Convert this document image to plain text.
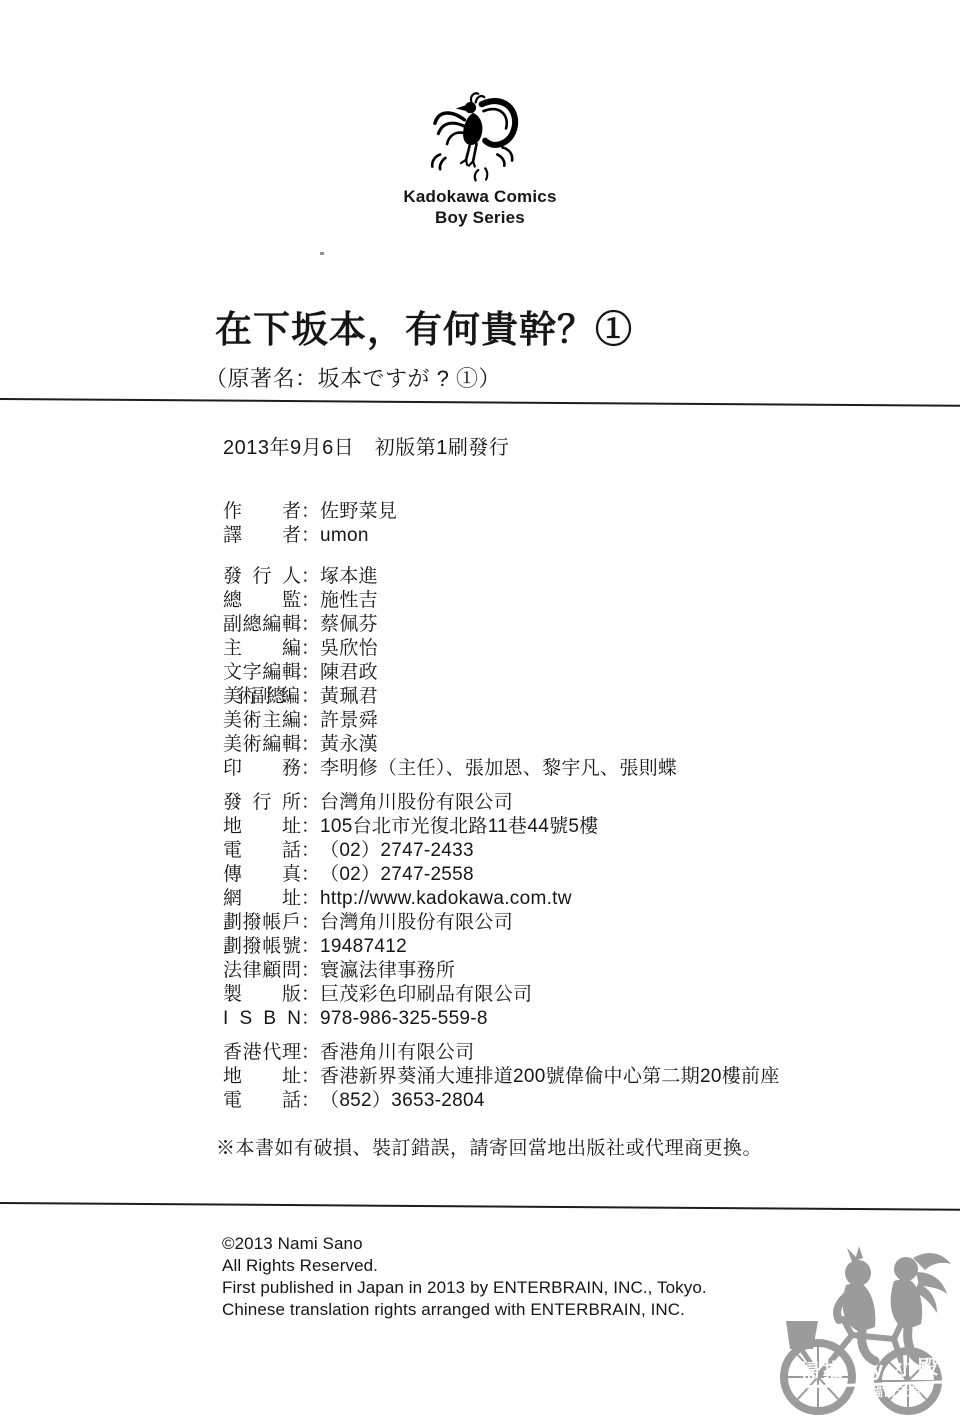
Kadokawa Comics
Boy Series
在下坂本，有何貴幹？①
（原著名：坂本ですが ? ①）
2013年9月6日　初版第1刷發行
作　者：佐野菜見
譯　者：umon
發行人：塚本進
總　監：施性吉
副總編輯：蔡佩芬
主　編：吳欣怡
文字編輯：陳君政
美術副總編 ：黃珮君
美術主編：許景舜
美術編輯：黃永漢
印　務：李明修（主任）、張加恩、黎宇凡、張則蝶
發行所：台灣角川股份有限公司
地　址：105台北市光復北路11巷44號5樓
電　話：（02）2747-2433
傳　真：（02）2747-2558
網　址：http://www.kadokawa.com.tw
劃撥帳戶：台灣角川股份有限公司
劃撥帳號：19487412
法律顧問：寰瀛法律事務所
製　版：巨茂彩色印刷品有限公司
I S B N：978-986-325-559-8
香港代理：香港角川有限公司
地　址：香港新界葵涌大連排道200號偉倫中心第二期20樓前座
電　話：（852）3653-2804
※本書如有破損、裝訂錯誤，請寄回當地出版社或代理商更換。
©2013 Nami Sano
All Rights Reserved.
First published in Japan in 2013 by ENTERBRAIN, INC., Tokyo.
Chinese translation rights arranged with ENTERBRAIN, INC.
掃描 By 小殿
明貓的天堂
